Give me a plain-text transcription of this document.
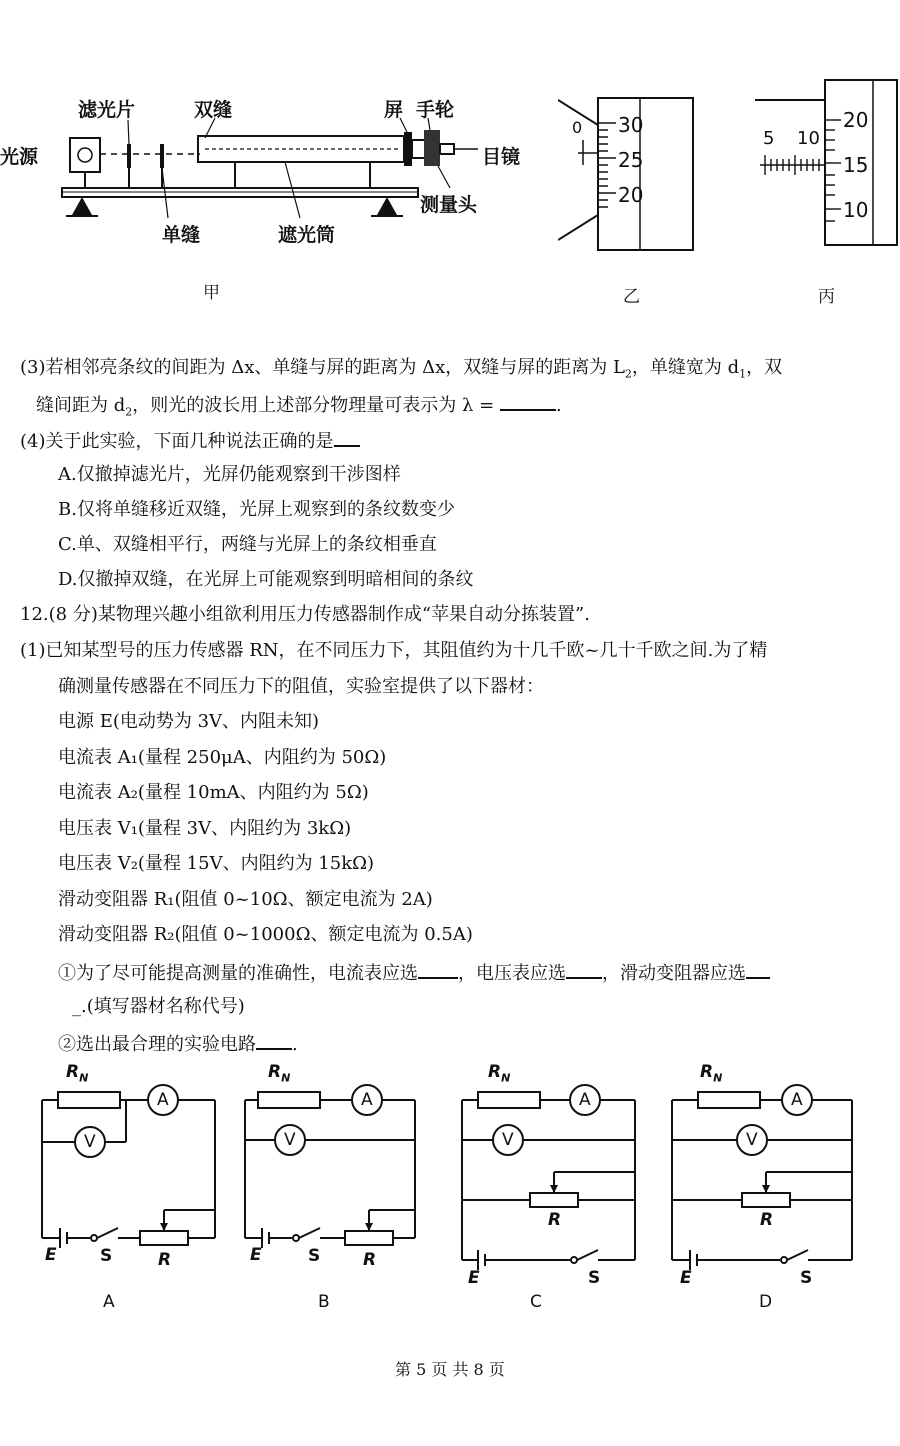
光源
滤光片	双缝	屏 手轮
目镜
单缝	遮光筒
测量头
甲
0 30
25
20
乙
5 10
20
15
10
丙
(3)若相邻亮条纹的间距为 Δx、单缝与屏的距离为 Δx，双缝与屏的距离为 $L_2$，单缝宽为 $d_1$，双
缝间距为 $d_2$，则光的波长用上述部分物理量可表示为 λ =	.
(4)关于此实验，下面几种说法正确的是
A.仅撤掉滤光片，光屏仍能观察到干涉图样
B.仅将单缝移近双缝，光屏上观察到的条纹数变少
C.单、双缝相平行，两缝与光屏上的条纹相垂直
D.仅撤掉双缝，在光屏上可能观察到明暗相间的条纹
12.(8 分)某物理兴趣小组欲利用压力传感器制作成“苹果自动分拣装置”.
(1)已知某型号的压力传感器 RN，在不同压力下，其阻值约为十几千欧~几十千欧之间.为了精
确测量传感器在不同压力下的阻值，实验室提供了以下器材：
电源 E(电动势为 3V、内阻未知)
电流表 A₁(量程 250μA、内阻约为 50Ω)
电流表 A₂(量程 10mA、内阻约为 5Ω)
电压表 V₁(量程 3V、内阻约为 3kΩ)
电压表 V₂(量程 15V、内阻约为 15kΩ)
滑动变阻器 R₁(阻值 0~10Ω、额定电流为 2A)
滑动变阻器 R₂(阻值 0~1000Ω、额定电流为 0.5A)
①为了尽可能提高测量的准确性，电流表应选 ，电压表应选 ，滑动变阻器应选
_.(填写器材名称代号)
②选出最合理的实验电路 .
$R_N$
A
V
E	S	R
A
$R_N$
A
V
E	S	R
B
$R_N$
A
V
R
E	S
C
$R_N$
A
V
R
E	S
D
第 5 页 共 8 页
